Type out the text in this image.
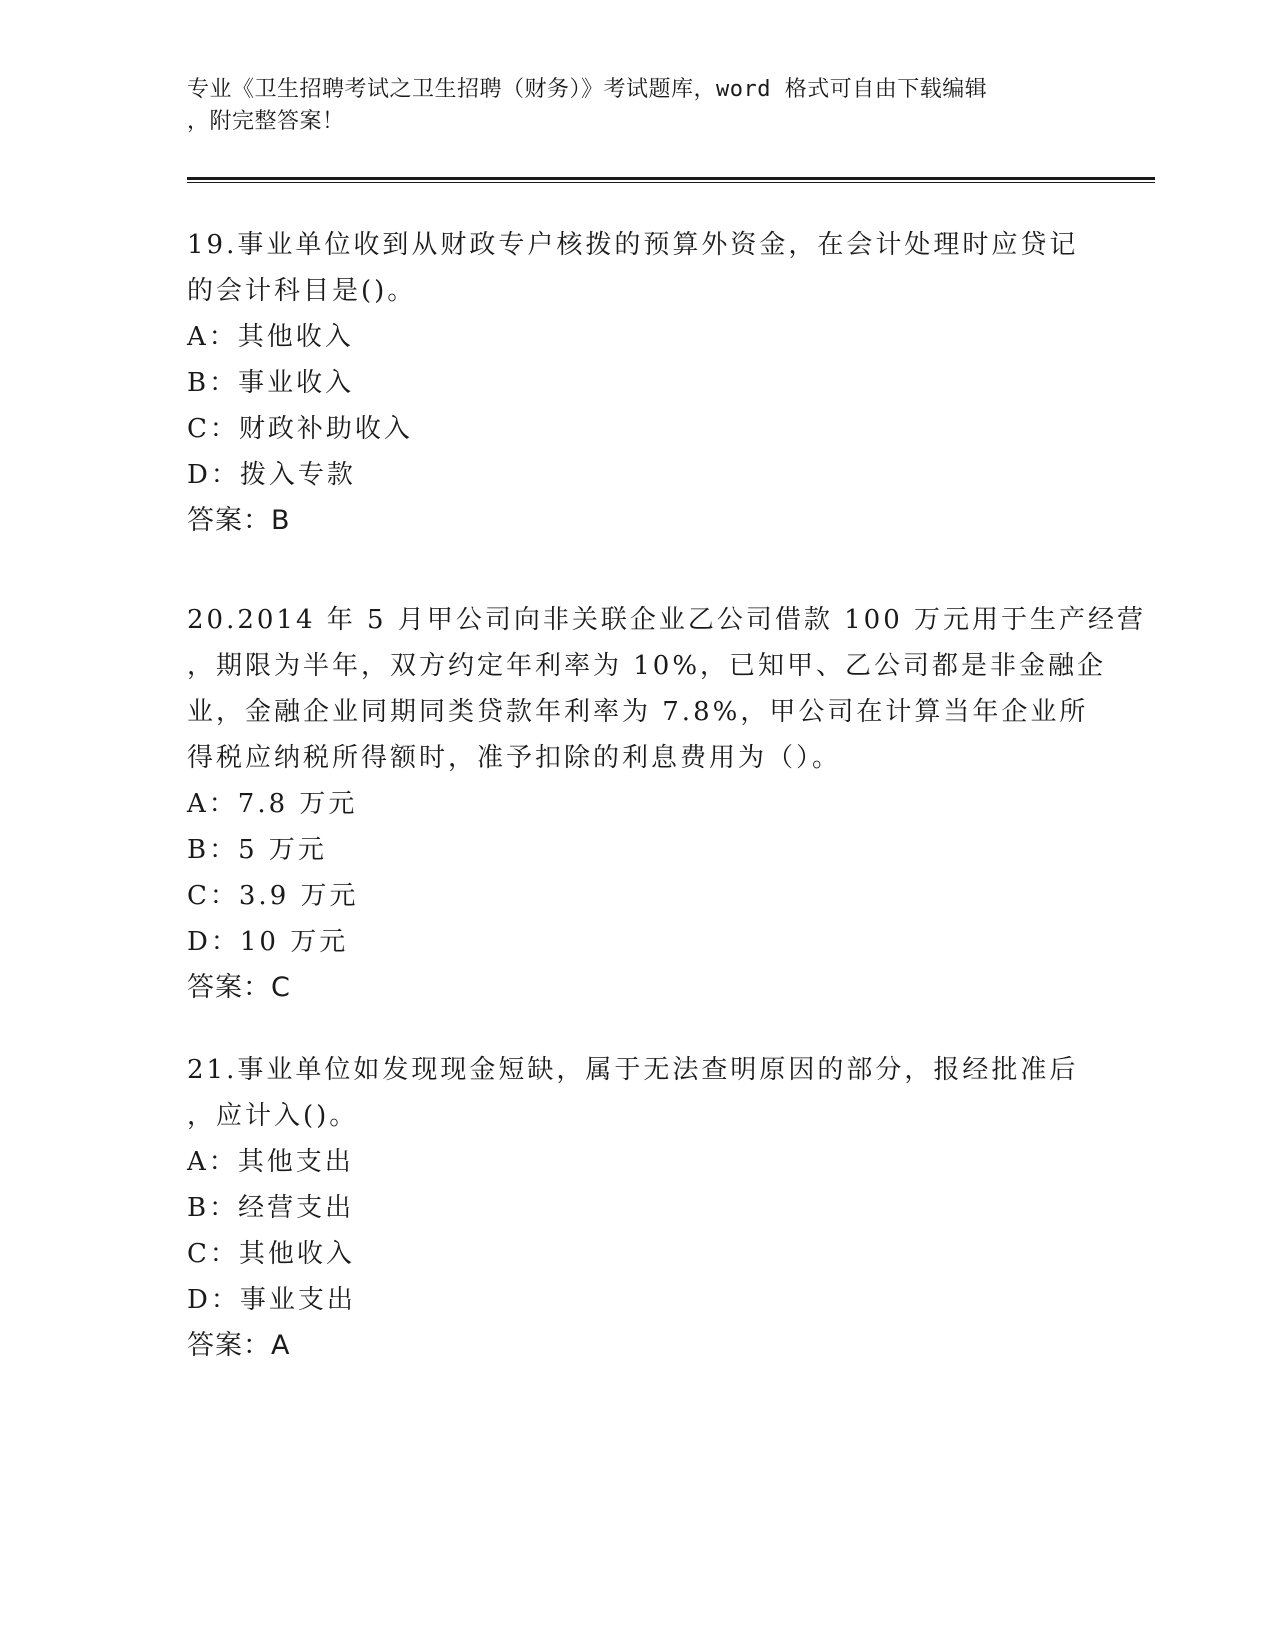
专业《卫生招聘考试之卫生招聘（财务）》考试题库，word 格式可自由下载编辑
，附完整答案！
19.事业单位收到从财政专户核拨的预算外资金，在会计处理时应贷记
的会计科目是()。
A：其他收入
B：事业收入
C：财政补助收入
D：拨入专款
答案：B
20.2014 年 5 月甲公司向非关联企业乙公司借款 100 万元用于生产经营
，期限为半年，双方约定年利率为 10%，已知甲、乙公司都是非金融企
业，金融企业同期同类贷款年利率为 7.8%，甲公司在计算当年企业所
得税应纳税所得额时，准予扣除的利息费用为（）。
A：7.8 万元
B：5 万元
C：3.9 万元
D：10 万元
答案：C
21.事业单位如发现现金短缺，属于无法查明原因的部分，报经批准后
，应计入()。
A：其他支出
B：经营支出
C：其他收入
D：事业支出
答案：A
